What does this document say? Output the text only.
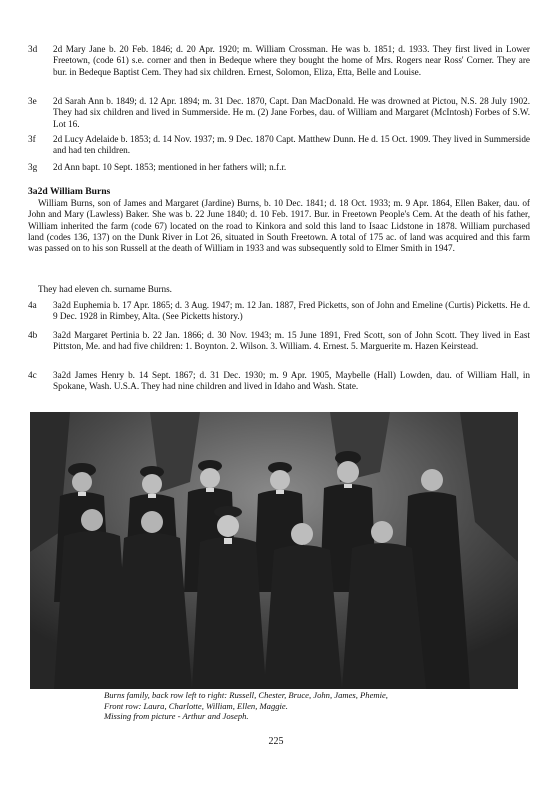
3d	2d Mary Jane b. 20 Feb. 1846; d. 20 Apr. 1920; m. William Crossman. He was b. 1851; d. 1933. They first lived in Lower Freetown, (code 61) s.e. corner and then in Bedeque where they bought the home of Mrs. Rogers near Ross' Corner. They are bur. in Bedeque Baptist Cem. They had six children. Ernest, Solomon, Eliza, Etta, Belle and Louise.
3e	2d Sarah Ann b. 1849; d. 12 Apr. 1894; m. 31 Dec. 1870, Capt. Dan MacDonald. He was drowned at Pictou, N.S. 28 July 1902. They had six children and lived in Summerside. He m. (2) Jane Forbes, dau. of William and Margaret (McIntosh) Forbes of S.W. Lot 16.
3f	2d Lucy Adelaide b. 1853; d. 14 Nov. 1937; m. 9 Dec. 1870 Capt. Matthew Dunn. He d. 15 Oct. 1909. They lived in Summerside and had ten children.
3g	2d Ann bapt. 10 Sept. 1853; mentioned in her fathers will; n.f.r.
3a2d William Burns
William Burns, son of James and Margaret (Jardine) Burns, b. 10 Dec. 1841; d. 18 Oct. 1933; m. 9 Apr. 1864, Ellen Baker, dau. of John and Mary (Lawless) Baker. She was b. 22 June 1840; d. 10 Feb. 1917. Bur. in Freetown People's Cem. At the death of his father, William inherited the farm (code 67) located on the road to Kinkora and sold this land to Isaac Lidstone in 1878. William purchased land (codes 136, 137) on the Dunk River in Lot 26, situated in South Freetown. A total of 175 ac. of land was acquired and this farm was passed on to his son Russell at the death of William in 1933 and was subsequently sold to Elmer Smith in 1947.
They had eleven ch. surname Burns.
4a	3a2d Euphemia b. 17 Apr. 1865; d. 3 Aug. 1947; m. 12 Jan. 1887, Fred Picketts, son of John and Emeline (Curtis) Picketts. He d. 9 Dec. 1928 in Rimbey, Alta. (See Picketts history.)
4b	3a2d Margaret Pertinia b. 22 Jan. 1866; d. 30 Nov. 1943; m. 15 June 1891, Fred Scott, son of John Scott. They lived in East Pittston, Me. and had five children: 1. Boynton. 2. Wilson. 3. William. 4. Ernest. 5. Marguerite m. Hazen Keirstead.
4c	3a2d James Henry b. 14 Sept. 1867; d. 31 Dec. 1930; m. 9 Apr. 1905, Maybelle (Hall) Lowden, dau. of William Hall, in Spokane, Wash. U.S.A. They had nine children and lived in Idaho and Wash. State.
Burns family, back row left to right: Russell, Chester, Bruce, John, James, Phemie,
Front row: Laura, Charlotte, William, Ellen, Maggie.
Missing from picture - Arthur and Joseph.
225
